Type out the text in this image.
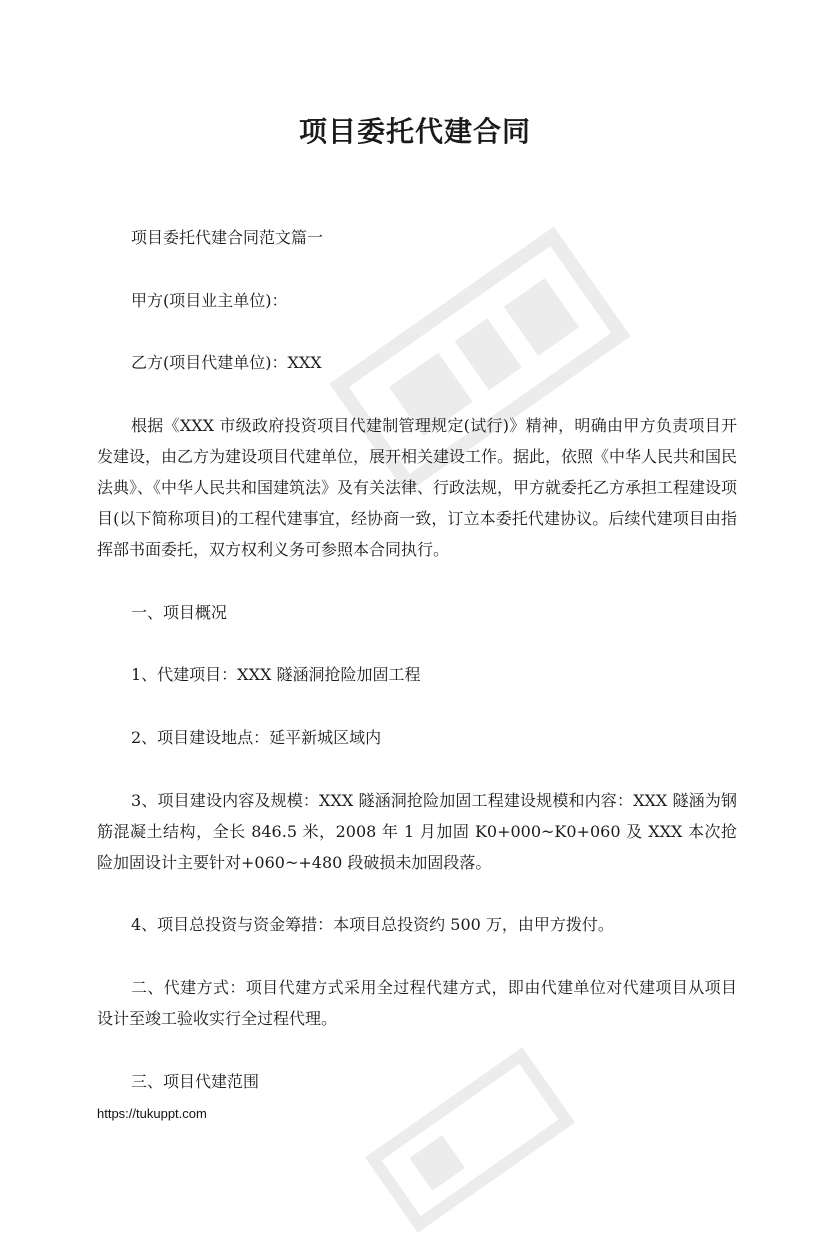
项目委托代建合同

项目委托代建合同范文篇一

甲方(项目业主单位)：

乙方(项目代建单位)：XXX

根据《XXX 市级政府投资项目代建制管理规定(试行)》精神，明确由甲方负责项目开发建设，由乙方为建设项目代建单位，展开相关建设工作。据此，依照《中华人民共和国民法典》、《中华人民共和国建筑法》及有关法律、行政法规，甲方就委托乙方承担工程建设项目(以下简称项目)的工程代建事宜，经协商一致，订立本委托代建协议。后续代建项目由指挥部书面委托，双方权利义务可参照本合同执行。

一、项目概况

1、代建项目：XXX 隧涵洞抢险加固工程

2、项目建设地点：延平新城区域内

3、项目建设内容及规模：XXX 隧涵洞抢险加固工程建设规模和内容：XXX 隧涵为钢筋混凝土结构，全长 846.5 米，2008 年 1 月加固 K0+000~K0+060 及 XXX 本次抢险加固设计主要针对+060~+480 段破损未加固段落。

4、项目总投资与资金筹措：本项目总投资约 500 万，由甲方拨付。

二、代建方式：项目代建方式采用全过程代建方式，即由代建单位对代建项目从项目设计至竣工验收实行全过程代理。

三、项目代建范围

https://tukuppt.com
